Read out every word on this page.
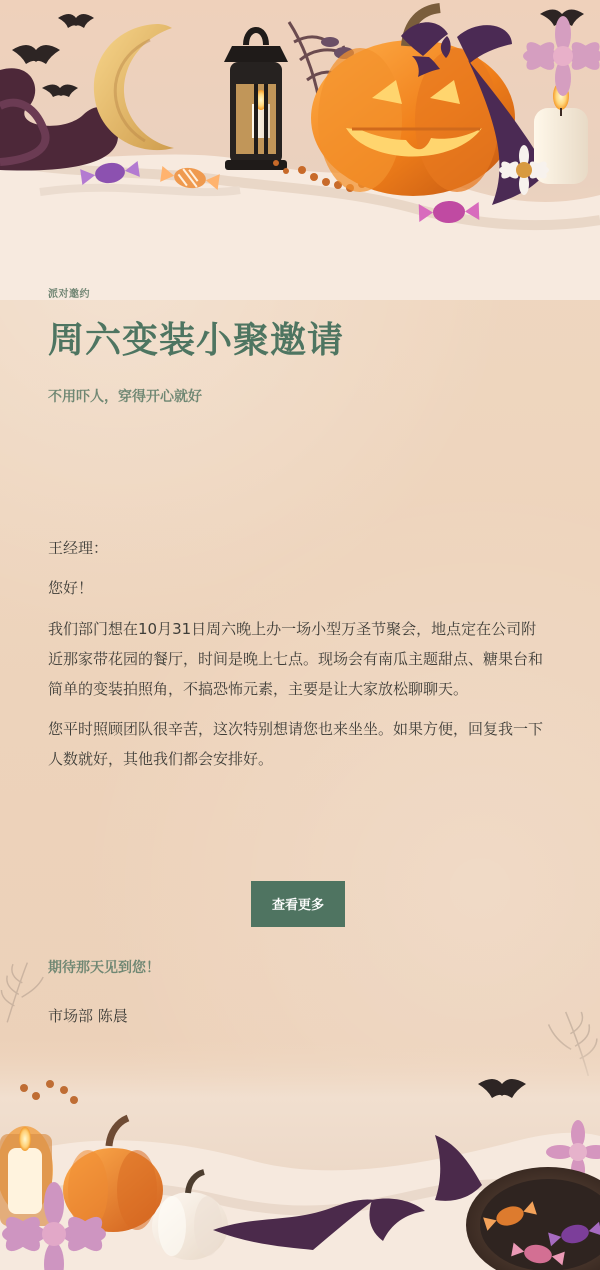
派对邀约

周六变装小聚邀请

不用吓人，穿得开心就好

王经理：

您好！

我们部门想在10月31日周六晚上办一场小型万圣节聚会，地点定在公司附近那家带花园的餐厅，时间是晚上七点。现场会有南瓜主题甜点、糖果台和简单的变装拍照角，不搞恐怖元素，主要是让大家放松聊聊天。

您平时照顾团队很辛苦，这次特别想请您也来坐坐。如果方便，回复我一下人数就好，其他我们都会安排好。

查看更多

期待那天见到您！

市场部 陈晨
